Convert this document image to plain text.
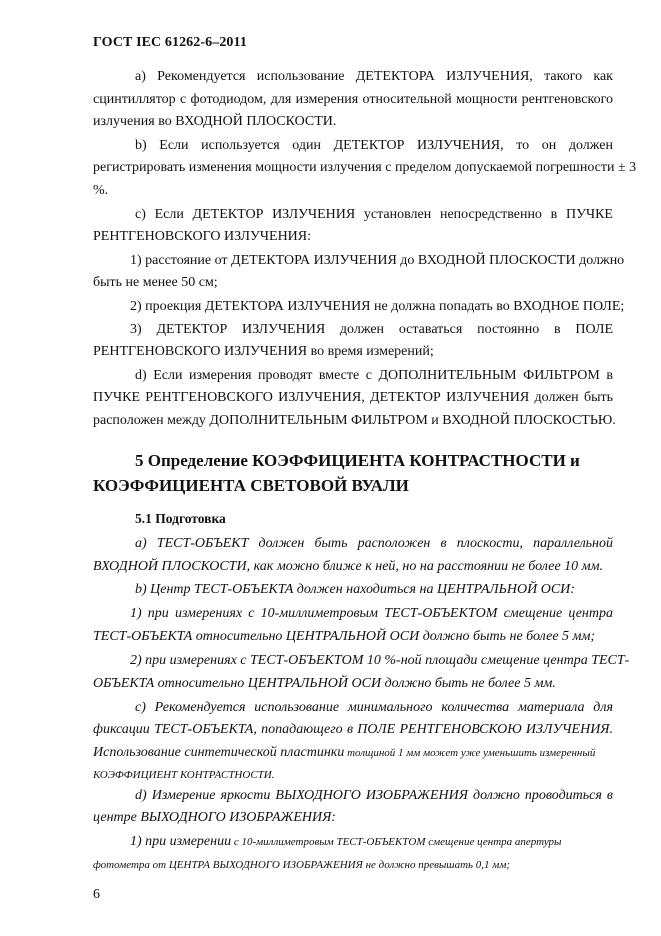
ГОСТ IEC 61262-6–2011
a) Рекомендуется использование ДЕТЕКТОРА ИЗЛУЧЕНИЯ, такого как
сцинтиллятор с фотодиодом, для измерения относительной мощности рентгеновского
излучения во ВХОДНОЙ ПЛОСКОСТИ.
b) Если используется один ДЕТЕКТОР ИЗЛУЧЕНИЯ, то он должен
регистрировать изменения мощности излучения с пределом допускаемой погрешности ± 3
%.
c) Если ДЕТЕКТОР ИЗЛУЧЕНИЯ установлен непосредственно в ПУЧКЕ
РЕНТГЕНОВСКОГО ИЗЛУЧЕНИЯ:
1) расстояние от ДЕТЕКТОРА ИЗЛУЧЕНИЯ до ВХОДНОЙ ПЛОСКОСТИ должно
быть не менее 50 см;
2) проекция ДЕТЕКТОРА ИЗЛУЧЕНИЯ не должна попадать во ВХОДНОЕ ПОЛЕ;
3) ДЕТЕКТОР ИЗЛУЧЕНИЯ должен оставаться постоянно в ПОЛЕ
РЕНТГЕНОВСКОГО ИЗЛУЧЕНИЯ во время измерений;
d) Если измерения проводят вместе с ДОПОЛНИТЕЛЬНЫМ ФИЛЬТРОМ в
ПУЧКЕ РЕНТГЕНОВСКОГО ИЗЛУЧЕНИЯ, ДЕТЕКТОР ИЗЛУЧЕНИЯ должен быть
расположен между ДОПОЛНИТЕЛЬНЫМ ФИЛЬТРОМ и ВХОДНОЙ ПЛОСКОСТЬЮ.
5 Определение КОЭФФИЦИЕНТА КОНТРАСТНОСТИ и
КОЭФФИЦИЕНТА СВЕТОВОЙ ВУАЛИ
5.1 Подготовка
a) ТЕСТ-ОБЪЕКТ должен быть расположен в плоскости, параллельной
ВХОДНОЙ ПЛОСКОСТИ, как можно ближе к ней, но на расстоянии не более 10 мм.
b) Центр ТЕСТ-ОБЪЕКТА должен находиться на ЦЕНТРАЛЬНОЙ ОСИ:
1) при измерениях с 10-миллиметровым ТЕСТ-ОБЪЕКТОМ смещение центра
ТЕСТ-ОБЪЕКТА относительно ЦЕНТРАЛЬНОЙ ОСИ должно быть не более 5 мм;
2) при измерениях с ТЕСТ-ОБЪЕКТОМ 10 %-ной площади смещение центра ТЕСТ-
ОБЪЕКТА относительно ЦЕНТРАЛЬНОЙ ОСИ должно быть не более 5 мм.
c) Рекомендуется использование минимального количества материала для
фиксации ТЕСТ-ОБЪЕКТА, попадающего в ПОЛЕ РЕНТГЕНОВСКОЮ ИЗЛУЧЕНИЯ.
Использование синтетической пластинки толщиной 1 мм может уже уменьшить измеренный
КОЭФФИЦИЕНТ КОНТРАСТНОСТИ.
d) Измерение яркости ВЫХОДНОГО ИЗОБРАЖЕНИЯ должно проводиться в
центре ВЫХОДНОГО ИЗОБРАЖЕНИЯ:
1) при измерении с 10-миллиметровым ТЕСТ-ОБЪЕКТОМ смещение центра апертуры
фотометра от ЦЕНТРА ВЫХОДНОГО ИЗОБРАЖЕНИЯ не должно превышать 0,1 мм;
6
